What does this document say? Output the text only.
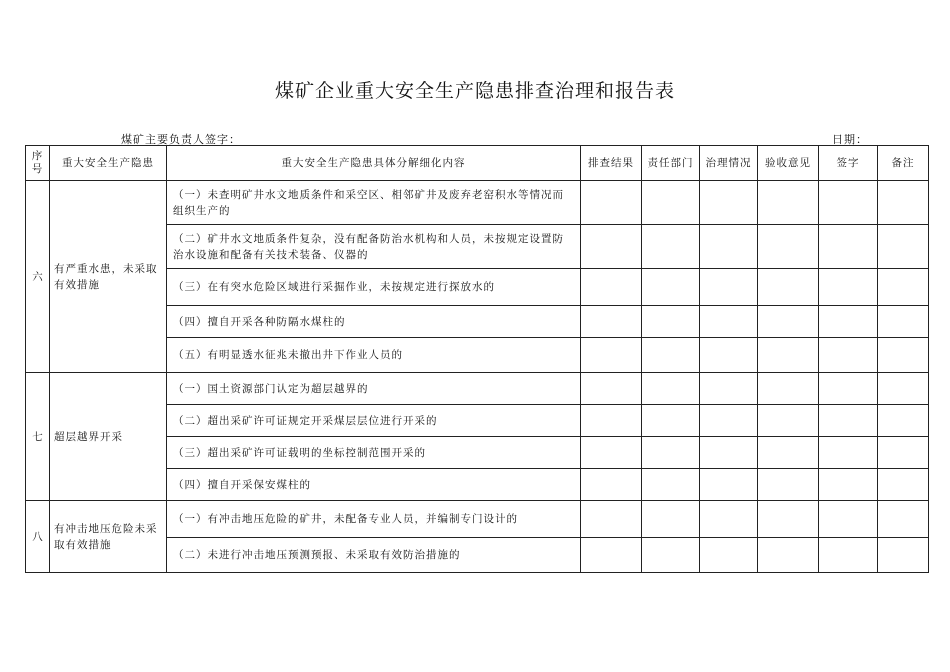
煤矿企业重大安全生产隐患排查治理和报告表
煤矿主要负责人签字：	日期：
序号	重大安全生产隐患	重大安全生产隐患具体分解细化内容	排查结果	责任部门	治理情况	验收意见	签字	备注
六	有严重水患，未采取有效措施	（一）未查明矿井水文地质条件和采空区、相邻矿井及废弃老窑积水等情况而组织生产的						
		（二）矿井水文地质条件复杂，没有配备防治水机构和人员，未按规定设置防治水设施和配备有关技术装备、仪器的						
		（三）在有突水危险区域进行采掘作业，未按规定进行探放水的						
		（四）擅自开采各种防隔水煤柱的						
		（五）有明显透水征兆未撤出井下作业人员的						
七	超层越界开采	（一）国土资源部门认定为超层越界的						
		（二）超出采矿许可证规定开采煤层层位进行开采的						
		（三）超出采矿许可证载明的坐标控制范围开采的						
		（四）擅自开采保安煤柱的						
八	有冲击地压危险未采取有效措施	（一）有冲击地压危险的矿井，未配备专业人员，并编制专门设计的						
		（二）未进行冲击地压预测预报、未采取有效防治措施的						
